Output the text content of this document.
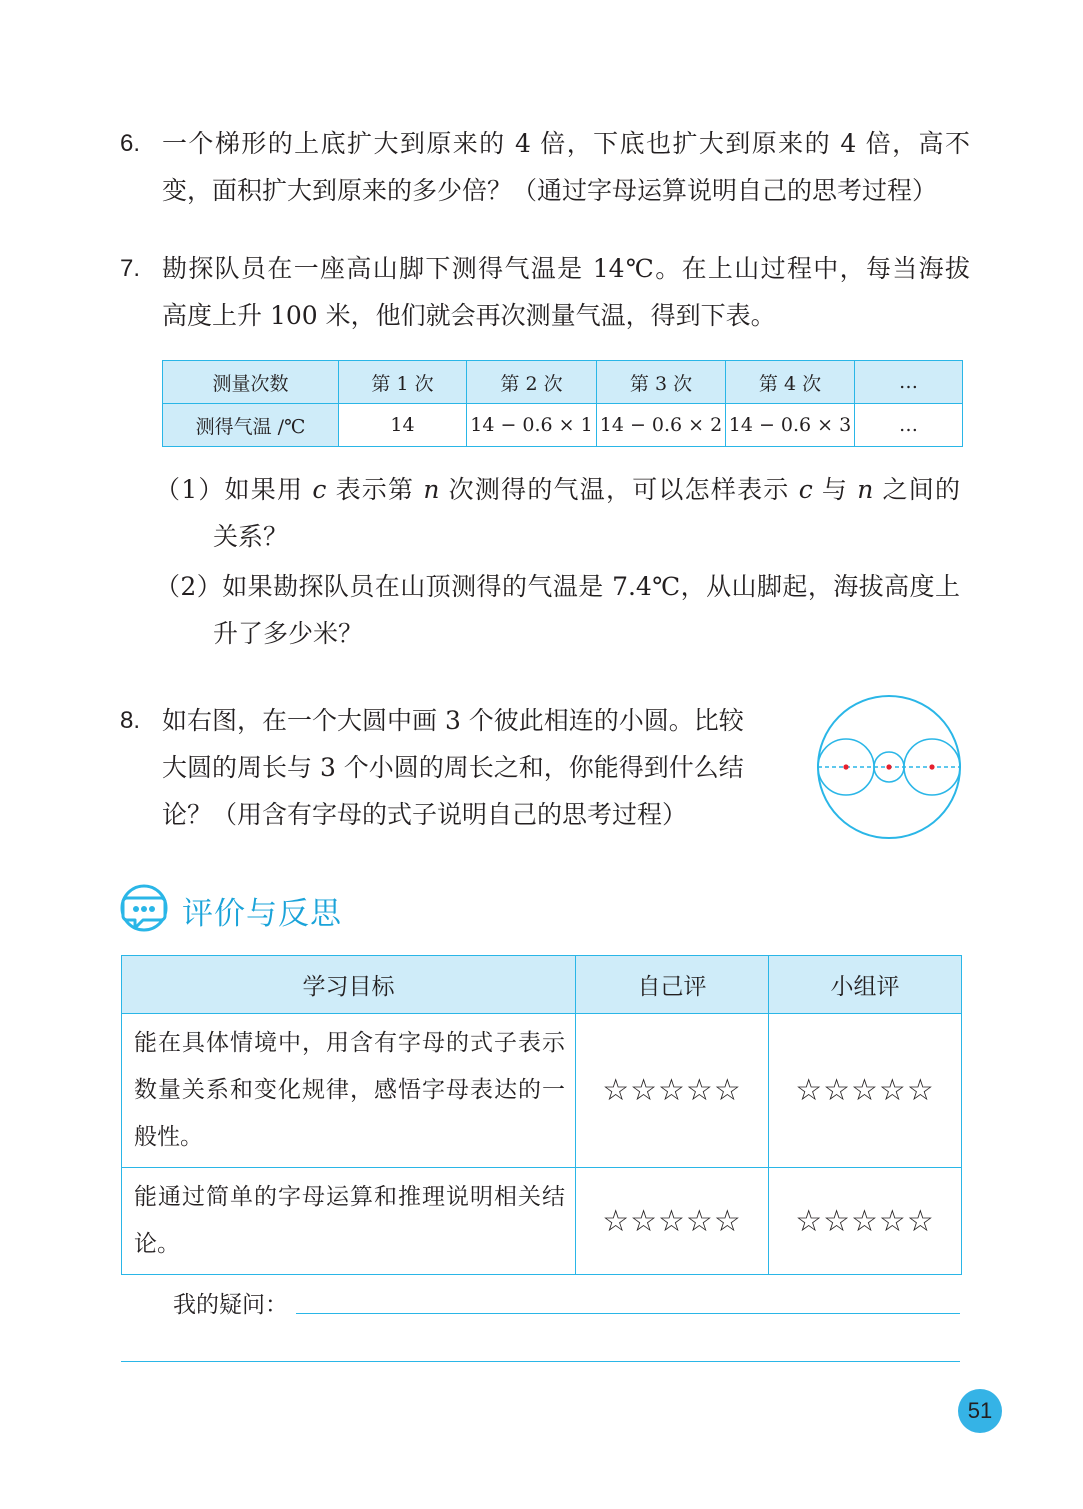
6. 一个梯形的上底扩大到原来的 4 倍，下底也扩大到原来的 4 倍，高不
变，面积扩大到原来的多少倍？（通过字母运算说明自己的思考过程）
7. 勘探队员在一座高山脚下测得气温是 14℃。在上山过程中，每当海拔
高度上升 100 米，他们就会再次测量气温，得到下表。
测量次数	第 1 次	第 2 次	第 3 次	第 4 次	…
测得气温 /℃	14	14 − 0.6 × 1	14 − 0.6 × 2	14 − 0.6 × 3	…
（1）如果用 c 表示第 n 次测得的气温，可以怎样表示 c 与 n 之间的
关系？
（2）如果勘探队员在山顶测得的气温是 7.4℃，从山脚起，海拔高度上
升了多少米？
8. 如右图，在一个大圆中画 3 个彼此相连的小圆。比较
大圆的周长与 3 个小圆的周长之和，你能得到什么结
论？（用含有字母的式子说明自己的思考过程）
评价与反思
学习目标	自己评	小组评
能在具体情境中，用含有字母的式子表示数量关系和变化规律，感悟字母表达的一般性。	☆☆☆☆☆	☆☆☆☆☆
能通过简单的字母运算和推理说明相关结论。	☆☆☆☆☆	☆☆☆☆☆
我的疑问：
51
